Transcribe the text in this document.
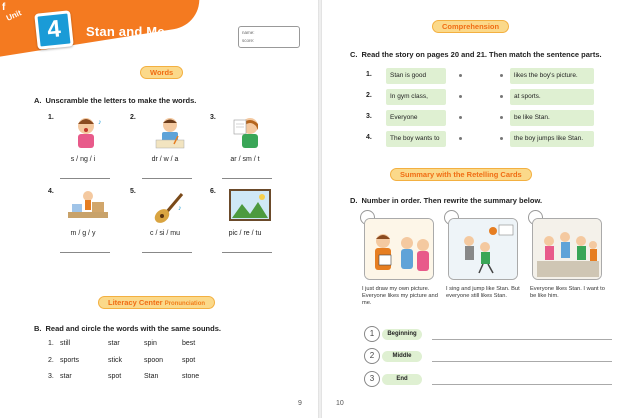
f
Unit 4	Stan and Me	name:
score:
Words
A. Unscramble the letters to make the words.
1.
♪
s / ng / i
2.
dr / w / a
3.
ar / sm / t
4.
m / g / y
5.
♪
c / si / mu
6.
pic / re / tu
Literacy Center Pronunciation
B. Read and circle the words with the same sounds.
1. still	star	spin	best
2. sports	stick	spoon	spot
3. star	spot	Stan	stone
9
Comprehension
C. Read the story on pages 20 and 21. Then match the sentence parts.
1.	Stan is good	likes the boy's picture.
2.	In gym class,	at sports.
3.	Everyone	be like Stan.
4.	The boy wants to	the boy jumps like Stan.
Summary with the Retelling Cards
D. Number in order. Then rewrite the summary below.
I just draw my own picture. Everyone likes my picture and me.
I sing and jump like Stan. But everyone still likes Stan.
Everyone likes Stan. I want to be like him.
1	Beginning
2	Middle
3	End
10
